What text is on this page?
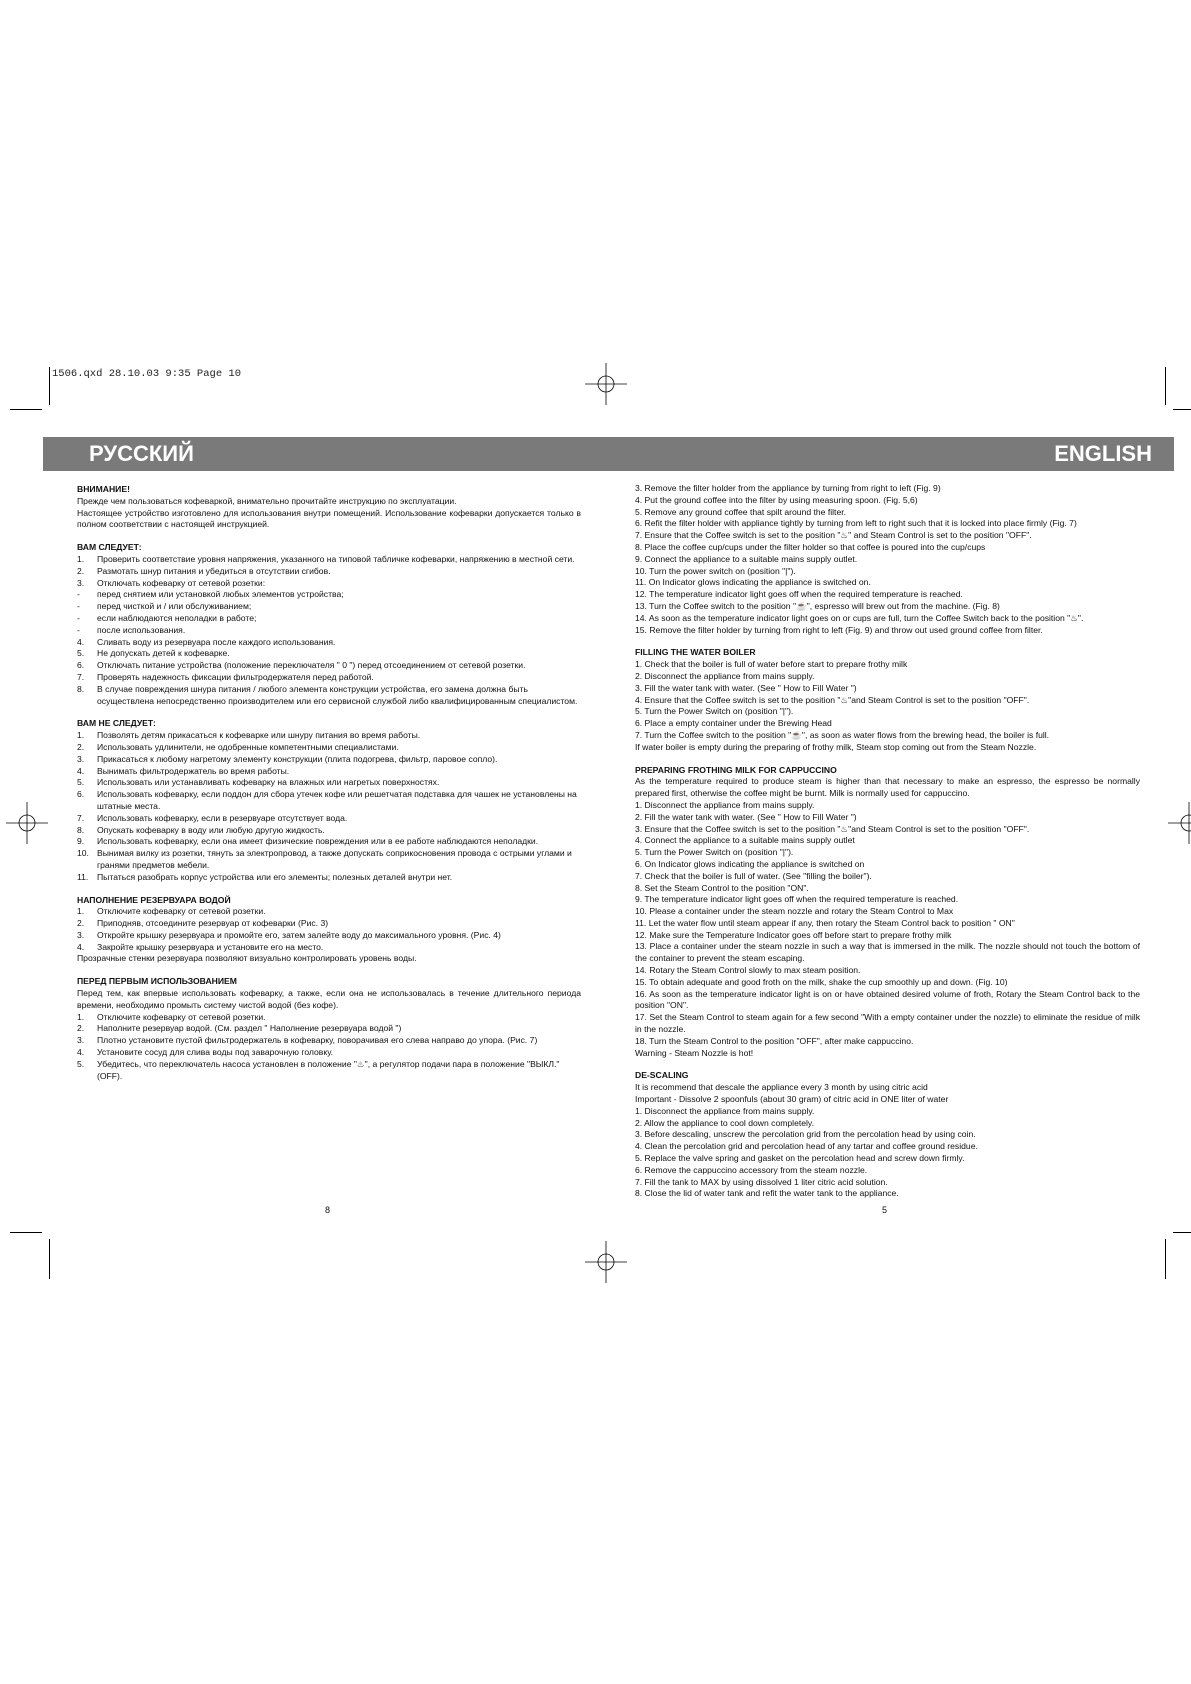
1506.qxd 28.10.03 9:35 Page 10
РУССКИЙ	ENGLISH

ВНИМАНИЕ!

Прежде чем пользоваться кофеваркой, внимательно прочитайте инструкцию по эксплуатации.

Настоящее устройство изготовлено для использования внутри помещений. Использование кофеварки допускается только в полном соответствии с настоящей инструкцией.

ВАМ СЛЕДУЕТ:

1. Проверить соответствие уровня напряжения, указанного на типовой табличке кофеварки, напряжению в местной сети.
2. Размотать шнур питания и убедиться в отсутствии сгибов.
3. Отключать кофеварку от сетевой розетки:
- перед снятием или установкой любых элементов устройства;
- перед чисткой и / или обслуживанием;
- если наблюдаются неполадки в работе;
- после использования.
4. Сливать воду из резервуара после каждого использования.
5. Не допускать детей к кофеварке.
6. Отключать питание устройства (положение переключателя " 0 ") перед отсоединением от сетевой розетки.
7. Проверять надежность фиксации фильтродержателя перед работой.
8. В случае повреждения шнура питания / любого элемента конструкции устройства, его замена должна быть осуществлена непосредственно производителем или его сервисной службой либо квалифицированным специалистом.

ВАМ НЕ СЛЕДУЕТ:

1. Позволять детям прикасаться к кофеварке или шнуру питания во время работы.
2. Использовать удлинители, не одобренные компетентными специалистами.
3. Прикасаться к любому нагретому элементу конструкции (плита подогрева, фильтр, паровое сопло).
4. Вынимать фильтродержатель во время работы.
5. Использовать или устанавливать кофеварку на влажных или нагретых поверхностях.
6. Использовать кофеварку, если поддон для сбора утечек кофе или решетчатая подставка для чашек не установлены на штатные места.
7. Использовать кофеварку, если в резервуаре отсутствует вода.
8. Опускать кофеварку в воду или любую другую жидкость.
9. Использовать кофеварку, если она имеет физические повреждения или в ее работе наблюдаются неполадки.
10. Вынимая вилку из розетки, тянуть за электропровод, а также допускать соприкосновения провода с острыми углами и гранями предметов мебели.
11. Пытаться разобрать корпус устройства или его элементы; полезных деталей внутри нет.

НАПОЛНЕНИЕ РЕЗЕРВУАРА ВОДОЙ

1. Отключите кофеварку от сетевой розетки.
2. Приподняв, отсоедините резервуар от кофеварки (Рис. 3)
3. Откройте крышку резервуара и промойте его, затем залейте воду до максимального уровня. (Рис. 4)
4. Закройте крышку резервуара и установите его на место.

Прозрачные стенки резервуара позволяют визуально контролировать уровень воды.

ПЕРЕД ПЕРВЫМ ИСПОЛЬЗОВАНИЕМ

Перед тем, как впервые использовать кофеварку, а также, если она не использовалась в течение длительного периода времени, необходимо промыть систему чистой водой (без кофе).

1. Отключите кофеварку от сетевой розетки.
2. Наполните резервуар водой. (См. раздел " Наполнение резервуара водой ")
3. Плотно установите пустой фильтродержатель в кофеварку, поворачивая его слева направо до упора. (Рис. 7)
4. Установите сосуд для слива воды под заварочную головку.
5. Убедитесь, что переключатель насоса установлен в положение "♨", а регулятор подачи пара в положение "ВЫКЛ." (OFF).
8

3. Remove the filter holder from the appliance by turning from right to left (Fig. 9)

4. Put the ground coffee into the filter by using measuring spoon. (Fig. 5,6)

5. Remove any ground coffee that spilt around the filter.

6. Refit the filter holder with appliance tightly by turning from left to right such that it is locked into place firmly (Fig. 7)

7. Ensure that the Coffee switch is set to the position "♨" and Steam Control is set to the position "OFF".

8. Place the coffee cup/cups under the filter holder so that coffee is poured into the cup/cups

9. Connect the appliance to a suitable mains supply outlet.

10. Turn the power switch on (position "|").

11. On Indicator glows indicating the appliance is switched on.

12. The temperature indicator light goes off when the required temperature is reached.

13. Turn the Coffee switch to the position "☕", espresso will brew out from the machine. (Fig. 8)

14. As soon as the temperature indicator light goes on or cups are full, turn the Coffee Switch back to the position "♨".

15. Remove the filter holder by turning from right to left (Fig. 9) and throw out used ground coffee from filter.

FILLING THE WATER BOILER

1. Check that the boiler is full of water before start to prepare frothy milk

2. Disconnect the appliance from mains supply.

3. Fill the water tank with water. (See " How to Fill Water ")

4. Ensure that the Coffee switch is set to the position "♨"and Steam Control is set to the position "OFF".

5. Turn the Power Switch on (position "|").

6. Place a empty container under the Brewing Head

7. Turn the Coffee switch to the position "☕", as soon as water flows from the brewing head, the boiler is full.

If water boiler is empty during the preparing of frothy milk, Steam stop coming out from the Steam Nozzle.

PREPARING FROTHING MILK FOR CAPPUCCINO

As the temperature required to produce steam is higher than that necessary to make an espresso, the espresso be normally prepared first, otherwise the coffee might be burnt. Milk is normally used for cappuccino.

1. Disconnect the appliance from mains supply.

2. Fill the water tank with water. (See " How to Fill Water ")

3. Ensure that the Coffee switch is set to the position "♨"and Steam Control is set to the position "OFF".

4. Connect the appliance to a suitable mains supply outlet

5. Turn the Power Switch on (position "|").

6. On Indicator glows indicating the appliance is switched on

7. Check that the boiler is full of water. (See "filling the boiler").

8. Set the Steam Control to the position "ON".

9. The temperature indicator light goes off when the required temperature is reached.

10. Please a container under the steam nozzle and rotary the Steam Control to Max

11. Let the water flow until steam appear if any, then rotary the Steam Control back to position " ON"

12. Make sure the Temperature Indicator goes off before start to prepare frothy milk

13. Place a container under the steam nozzle in such a way that is immersed in the milk. The nozzle should not touch the bottom of the container to prevent the steam escaping.

14. Rotary the Steam Control slowly to max steam position.

15. To obtain adequate and good froth on the milk, shake the cup smoothly up and down. (Fig. 10)

16. As soon as the temperature indicator light is on or have obtained desired volume of froth, Rotary the Steam Control back to the position "ON".

17. Set the Steam Control to steam again for a few second "With a empty container under the nozzle) to eliminate the residue of milk in the nozzle.

18. Turn the Steam Control to the position "OFF", after make cappuccino.

Warning - Steam Nozzle is hot!

DE-SCALING

It is recommend that descale the appliance every 3 month by using citric acid

Important - Dissolve 2 spoonfuls (about 30 gram) of citric acid in ONE liter of water

1. Disconnect the appliance from mains supply.

2. Allow the appliance to cool down completely.

3. Before descaling, unscrew the percolation grid from the percolation head by using coin.

4. Clean the percolation grid and percolation head of any tartar and coffee ground residue.

5. Replace the valve spring and gasket on the percolation head and screw down firmly.

6. Remove the cappuccino accessory from the steam nozzle.

7. Fill the tank to MAX by using dissolved 1 liter citric acid solution.

8. Close the lid of water tank and refit the water tank to the appliance.

5
